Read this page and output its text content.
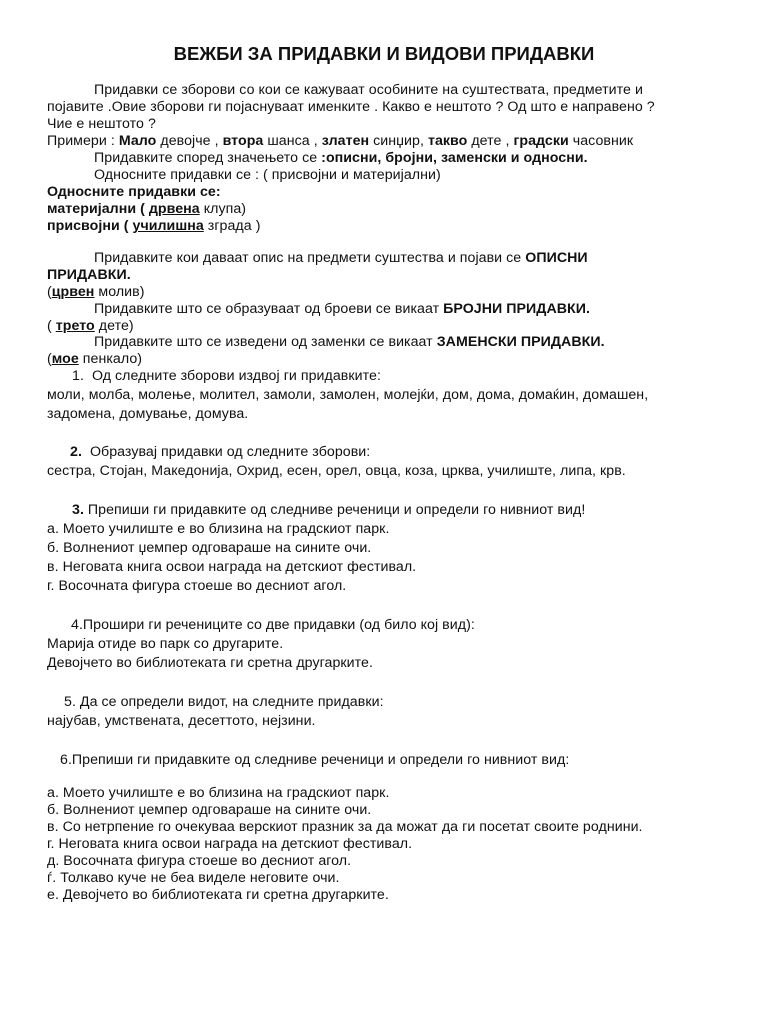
ВЕЖБИ ЗА ПРИДАВКИ И ВИДОВИ ПРИДАВКИ
Придавки се зборови со кои се кажуваат особините на суштествата, предметите и
појавите .Овие зборови ги појаснуваат именките . Какво е нештото ? Од што е направено ?
Чие е нештото ?
Примери : Мало девојче , втора шанса , златен синџир, такво дете , градски часовник
Придавките според значењето се :описни, бројни, заменски и односни.
Односните придавки се : ( присвојни и материјални)
Односните придавки се:
материјални ( дрвена клупа)
присвојни ( училишна зграда )
Придавките кои даваат опис на предмети суштества и појави се ОПИСНИ
ПРИДАВКИ.
(црвен молив)
Придавките што се образуваат од броеви се викаат БРОЈНИ ПРИДАВКИ.
( трето дете)
Придавките што се изведени од заменки се викаат ЗАМЕНСКИ ПРИДАВКИ.
(мое пенкало)
1. Од следните зборови издвој ги придавките:
моли, молба, молење, молител, замоли, замолен, молејќи, дом, дома, домаќин, домашен,
задомена, домување, домува.
2. Образувај придавки од следните зборови:
сестра, Стојан, Македонија, Охрид, есен, орел, овца, коза, црква, училиште, липа, крв.
3. Препиши ги придавките од следниве реченици и определи го нивниот вид!
а. Моето училиште е во близина на градскиот парк.
б. Волнениот џемпер одговараше на сините очи.
в. Неговата книга освои награда на детскиот фестивал.
г. Восочната фигура стоеше во десниот агол.
4.Прошири ги речениците со две придавки (од било кој вид):
Марија отиде во парк со другарите.
Девојчето во библиотеката ги сретна другарките.
5. Да се определи видот, на следните придавки:
најубав, умствената, десеттото, нејзини.
6.Препиши ги придавките од следниве реченици и определи го нивниот вид:
а. Моето училиште е во близина на градскиот парк.
б. Волнениот џемпер одговараше на сините очи.
в. Со нетрпение го очекуваа верскиот празник за да можат да ги посетат своите роднини.
г. Неговата книга освои награда на детскиот фестивал.
д. Восочната фигура стоеше во десниот агол.
ѓ. Толкаво куче не беа виделе неговите очи.
е. Девојчето во библиотеката ги сретна другарките.
